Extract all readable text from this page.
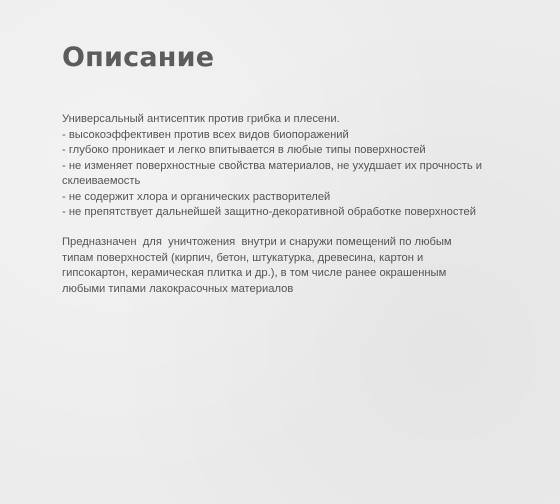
Описание

Универсальный антисептик против грибка и плесени.

- высокоэффективен против всех видов биопоражений

- глубоко проникает и легко впитывается в любые типы поверхностей

- не изменяет поверхностные свойства материалов, не ухудшает их прочность и

склеиваемость

- не содержит хлора и органических растворителей

- не препятствует дальнейшей защитно-декоративной обработке поверхностей

Предназначен  для  уничтожения  внутри и снаружи помещений по любым

типам поверхностей (кирпич, бетон, штукатурка, древесина, картон и

гипсокартон, керамическая плитка и др.), в том числе ранее окрашенным

любыми типами лакокрасочных материалов
